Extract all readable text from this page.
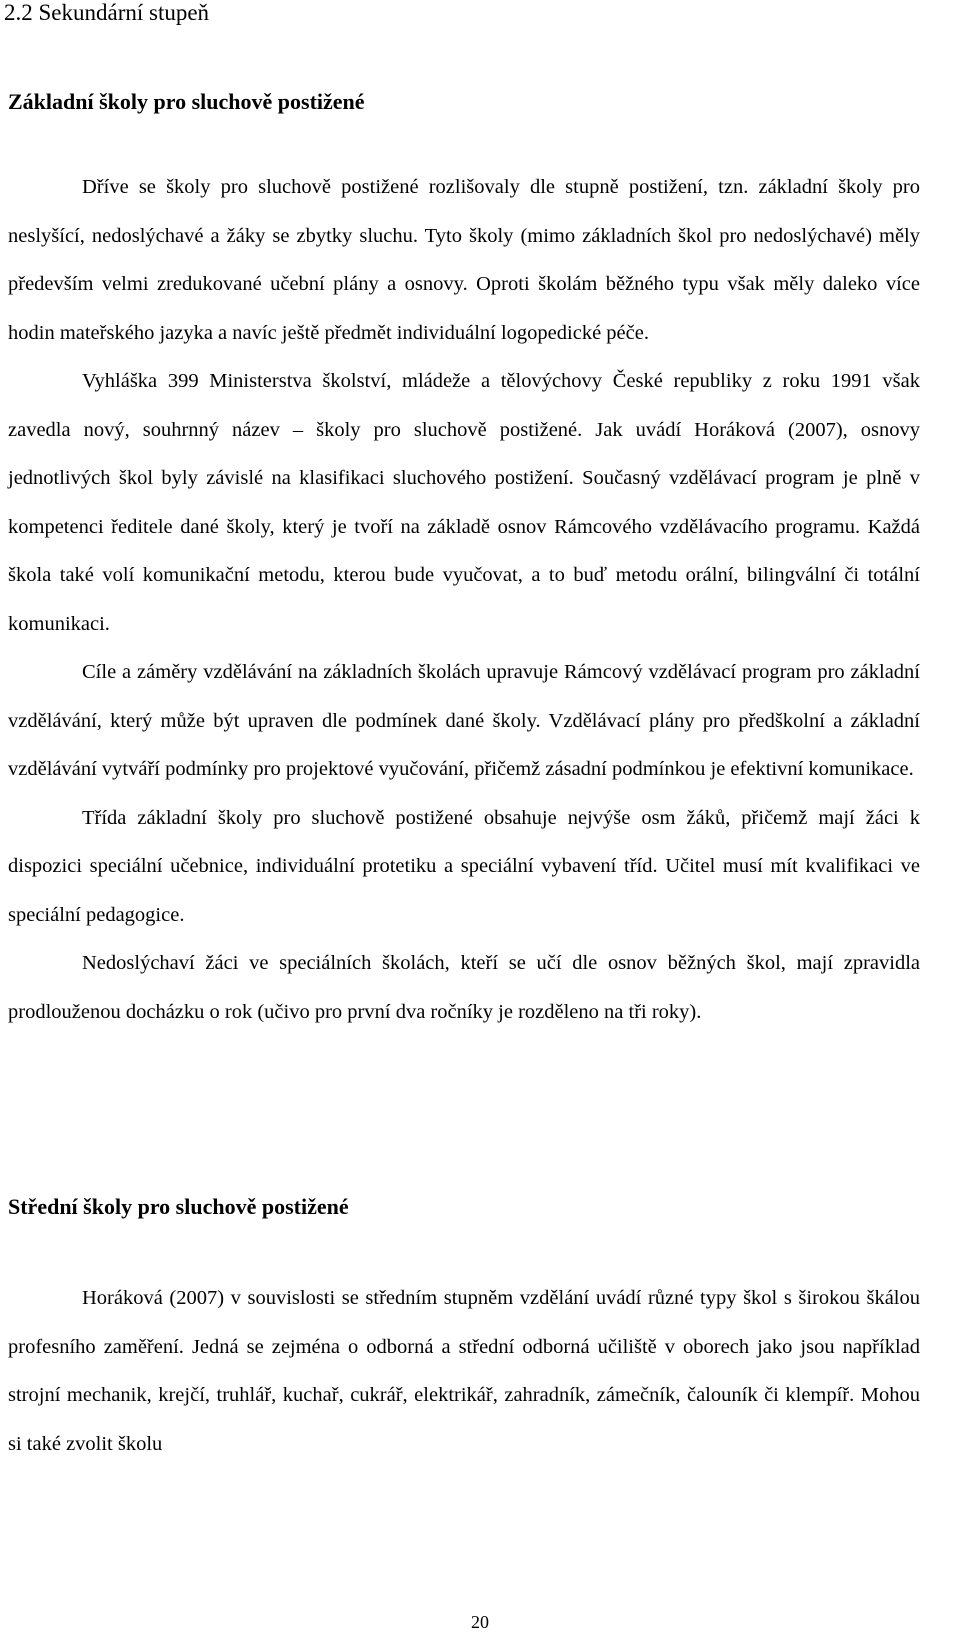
2.2 Sekundární stupeň
Základní školy pro sluchově postižené

Dříve se školy pro sluchově postižené rozlišovaly dle stupně postižení, tzn. základní školy pro neslyšící, nedoslýchavé a žáky se zbytky sluchu. Tyto školy (mimo základních škol pro nedoslýchavé) měly především velmi zredukované učební plány a osnovy. Oproti školám běžného typu však měly daleko více hodin mateřského jazyka a navíc ještě předmět individuální logopedické péče.

Vyhláška 399 Ministerstva školství, mládeže a tělovýchovy České republiky z roku 1991 však zavedla nový, souhrnný název – školy pro sluchově postižené. Jak uvádí Horáková (2007), osnovy jednotlivých škol byly závislé na klasifikaci sluchového postižení. Současný vzdělávací program je plně v kompetenci ředitele dané školy, který je tvoří na základě osnov Rámcového vzdělávacího programu. Každá škola také volí komunikační metodu, kterou bude vyučovat, a to buď metodu orální, bilingvální či totální komunikaci.

Cíle a záměry vzdělávání na základních školách upravuje Rámcový vzdělávací program pro základní vzdělávání, který může být upraven dle podmínek dané školy. Vzdělávací plány pro předškolní a základní vzdělávání vytváří podmínky pro projektové vyučování, přičemž zásadní podmínkou je efektivní komunikace.

Třída základní školy pro sluchově postižené obsahuje nejvýše osm žáků, přičemž mají žáci k dispozici speciální učebnice, individuální protetiku a speciální vybavení tříd. Učitel musí mít kvalifikaci ve speciální pedagogice.

Nedoslýchaví žáci ve speciálních školách, kteří se učí dle osnov běžných škol, mají zpravidla prodlouženou docházku o rok (učivo pro první dva ročníky je rozděleno na tři roky).

Střední školy pro sluchově postižené

Horáková (2007) v souvislosti se středním stupněm vzdělání uvádí různé typy škol s širokou škálou profesního zaměření. Jedná se zejména o odborná a střední odborná učiliště v oborech jako jsou například strojní mechanik, krejčí, truhlář, kuchař, cukrář, elektrikář, zahradník, zámečník, čalouník či klempíř. Mohou si také zvolit školu

20
